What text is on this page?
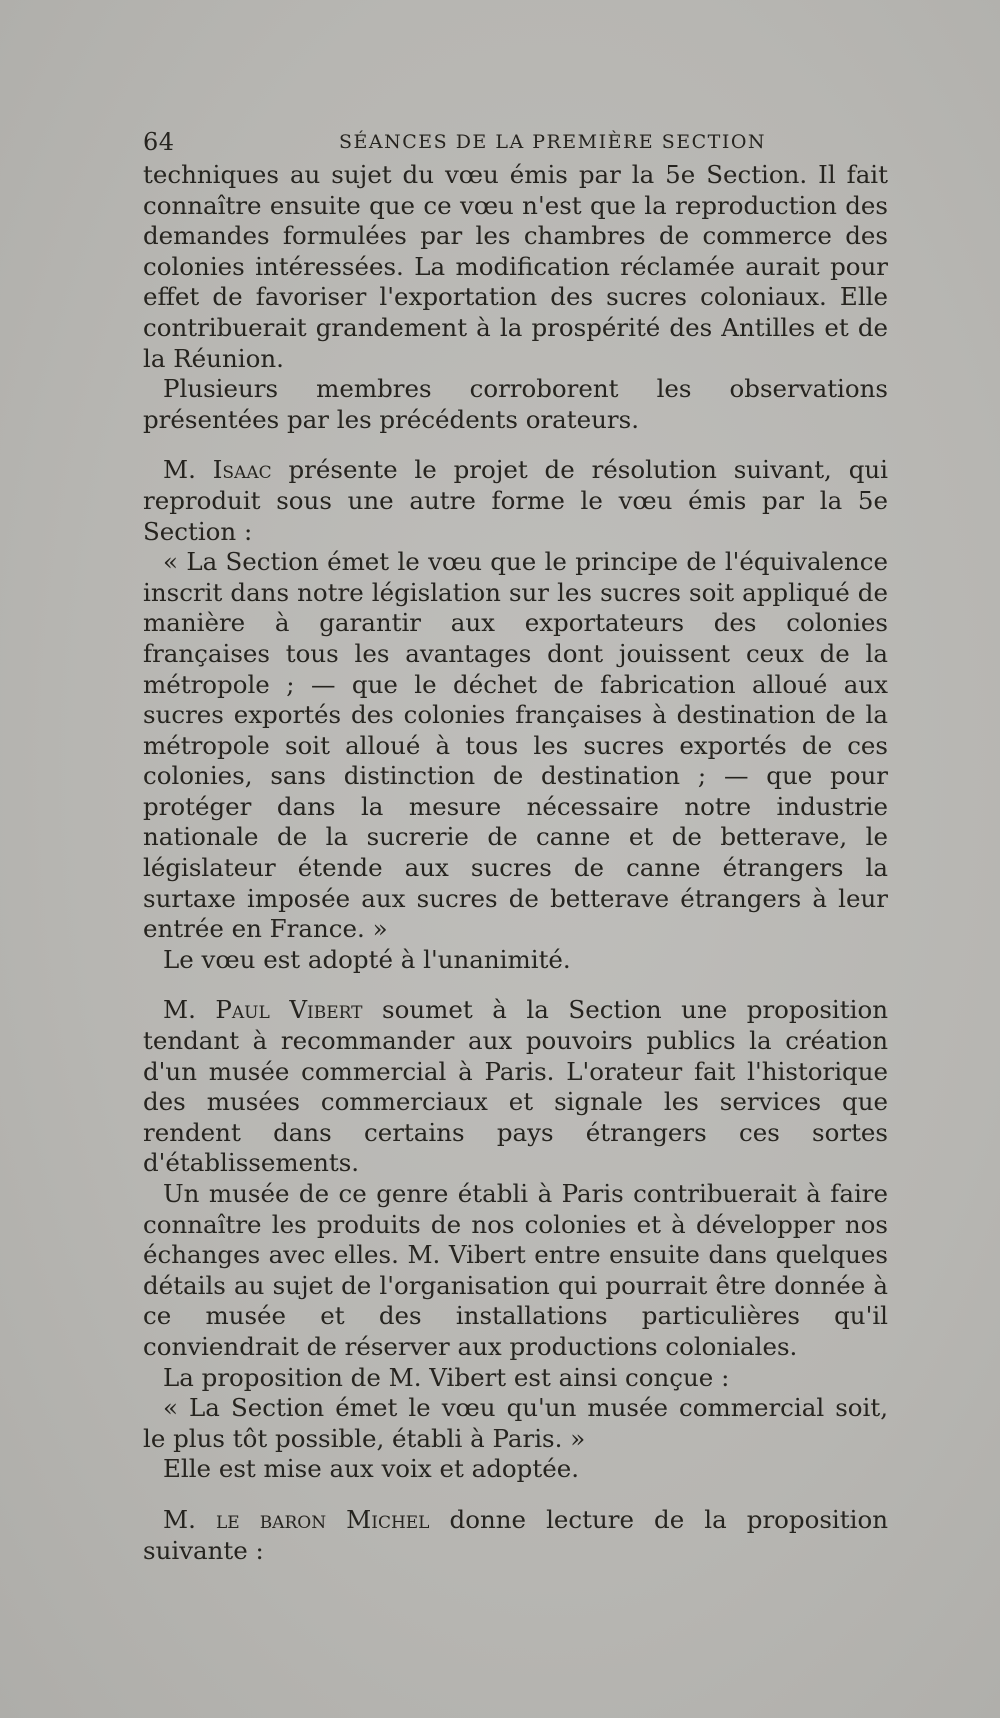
64	SÉANCES DE LA PREMIÈRE SECTION

techniques au sujet du vœu émis par la 5e Section. Il fait connaître ensuite que ce vœu n'est que la reproduction des demandes formulées par les chambres de commerce des colonies intéressées. La modification réclamée aurait pour effet de favoriser l'exportation des sucres coloniaux. Elle contribuerait grandement à la prospérité des Antilles et de la Réunion.

Plusieurs membres corroborent les observations présentées par les précédents orateurs.

M. Isaac présente le projet de résolution suivant, qui reproduit sous une autre forme le vœu émis par la 5e Section :

« La Section émet le vœu que le principe de l'équivalence inscrit dans notre législation sur les sucres soit appliqué de manière à garantir aux exportateurs des colonies françaises tous les avantages dont jouissent ceux de la métropole ; — que le déchet de fabrication alloué aux sucres exportés des colonies françaises à destination de la métropole soit alloué à tous les sucres exportés de ces colonies, sans distinction de destination ; — que pour protéger dans la mesure nécessaire notre industrie nationale de la sucrerie de canne et de betterave, le législateur étende aux sucres de canne étrangers la surtaxe imposée aux sucres de betterave étrangers à leur entrée en France. »

Le vœu est adopté à l'unanimité.

M. Paul Vibert soumet à la Section une proposition tendant à recommander aux pouvoirs publics la création d'un musée commercial à Paris. L'orateur fait l'historique des musées commerciaux et signale les services que rendent dans certains pays étrangers ces sortes d'établissements.

Un musée de ce genre établi à Paris contribuerait à faire connaître les produits de nos colonies et à développer nos échanges avec elles. M. Vibert entre ensuite dans quelques détails au sujet de l'organisation qui pourrait être donnée à ce musée et des installations particulières qu'il conviendrait de réserver aux productions coloniales.

La proposition de M. Vibert est ainsi conçue :

« La Section émet le vœu qu'un musée commercial soit, le plus tôt possible, établi à Paris. »

Elle est mise aux voix et adoptée.

M. le baron Michel donne lecture de la proposition suivante :
